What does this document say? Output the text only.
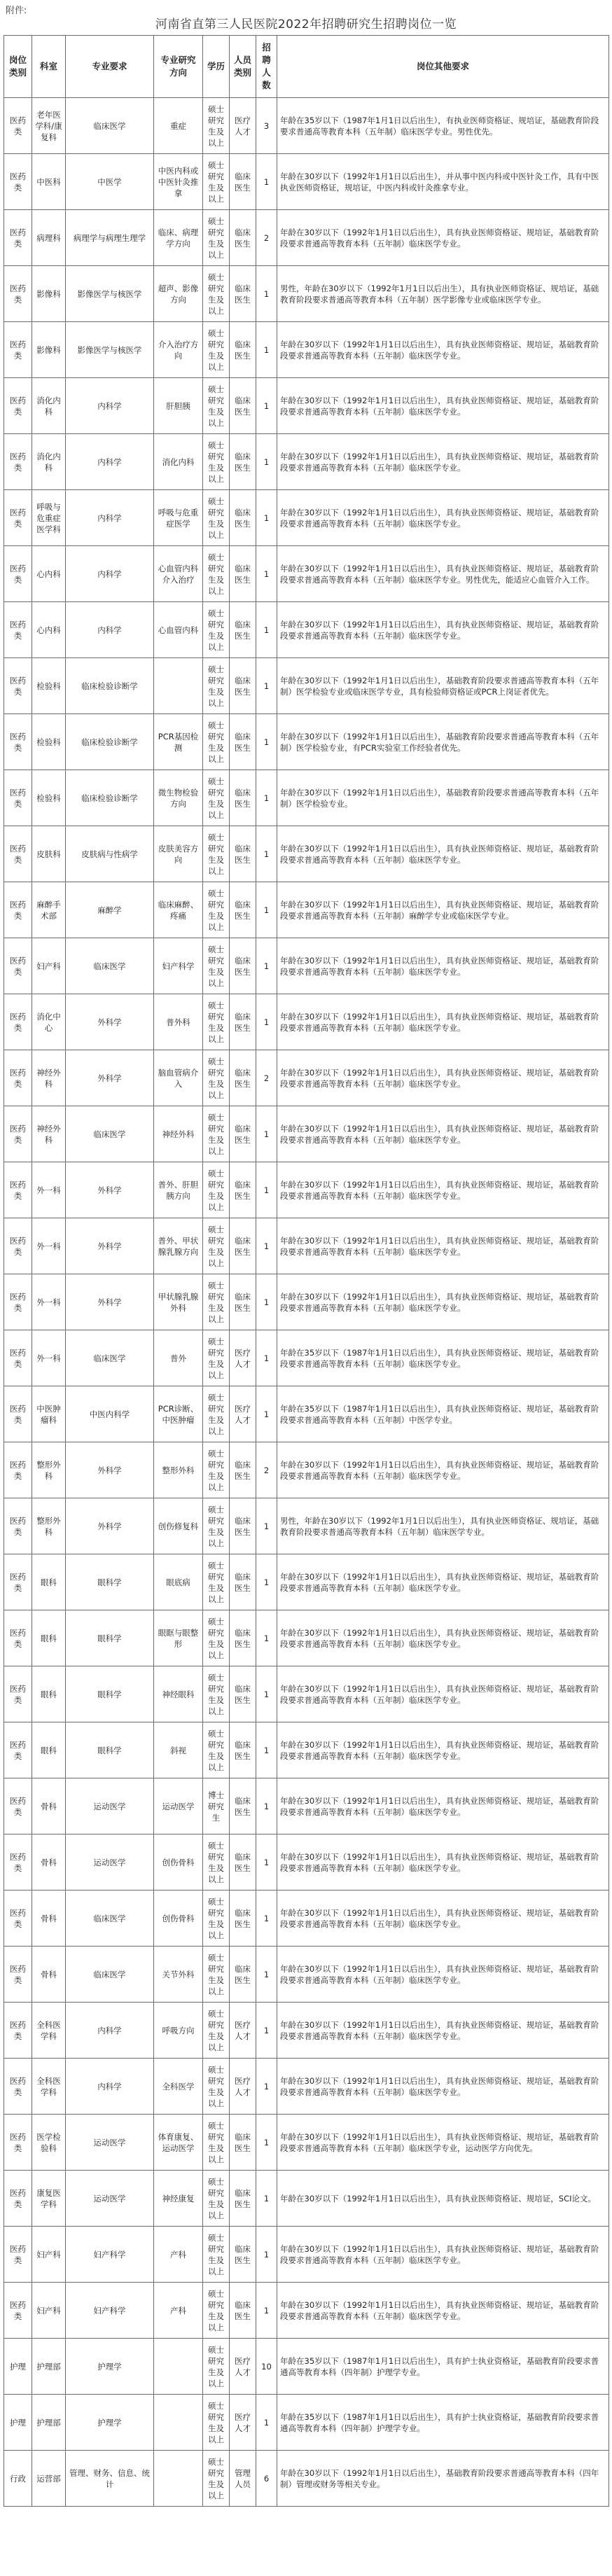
附件:
河南省直第三人民医院2022年招聘研究生招聘岗位一览
岗位类别	科室	专业要求	专业研究方向	学历	人员类别	招聘人数	岗位其他要求
医药类	老年医学科/康复科	临床医学	重症	硕士研究生及以上	医疗人才	3	年龄在35岁以下（1987年1月1日以后出生），有执业医师资格证、规培证，基础教育阶段要求普通高等教育本科（五年制）临床医学专业。男性优先。
医药类	中医科	中医学	中医内科或中医针灸推拿	硕士研究生及以上	临床医生	1	年龄在30岁以下（1992年1月1日以后出生），并从事中医内科或中医针灸工作，具有中医执业医师资格证，规培证，中医内科或针灸推拿专业。
医药类	病理科	病理学与病理生理学	临床、病理学方向	硕士研究生及以上	临床医生	2	年龄在30岁以下（1992年1月1日以后出生），具有执业医师资格证、规培证，基础教育阶段要求普通高等教育本科（五年制）临床医学专业。
医药类	影像科	影像医学与核医学	超声、影像方向	硕士研究生及以上	临床医生	1	男性，年龄在30岁以下（1992年1月1日以后出生），具有执业医师资格证、规培证，基础教育阶段要求普通高等教育本科（五年制）医学影像专业或临床医学专业。
医药类	影像科	影像医学与核医学	介入治疗方向	硕士研究生及以上	临床医生	1	年龄在30岁以下（1992年1月1日以后出生），具有执业医师资格证、规培证，基础教育阶段要求普通高等教育本科（五年制）临床医学专业。
医药类	消化内科	内科学	肝胆胰	硕士研究生及以上	临床医生	1	年龄在30岁以下（1992年1月1日以后出生），具有执业医师资格证、规培证，基础教育阶段要求普通高等教育本科（五年制）临床医学专业。
医药类	消化内科	内科学	消化内科	硕士研究生及以上	临床医生	1	年龄在30岁以下（1992年1月1日以后出生），具有执业医师资格证、规培证，基础教育阶段要求普通高等教育本科（五年制）临床医学专业。
医药类	呼吸与危重症医学科	内科学	呼吸与危重症医学	硕士研究生及以上	临床医生	1	年龄在30岁以下（1992年1月1日以后出生），具有执业医师资格证、规培证，基础教育阶段要求普通高等教育本科（五年制）临床医学专业。
医药类	心内科	内科学	心血管内科介入治疗	硕士研究生及以上	临床医生	1	年龄在30岁以下（1992年1月1日以后出生），具有执业医师资格证、规培证，基础教育阶段要求普通高等教育本科（五年制）临床医学专业。男性优先，能适应心血管介入工作。
医药类	心内科	内科学	心血管内科	硕士研究生及以上	临床医生	1	年龄在30岁以下（1992年1月1日以后出生），具有执业医师资格证、规培证，基础教育阶段要求普通高等教育本科（五年制）临床医学专业。
医药类	检验科	临床检验诊断学		硕士研究生及以上	临床医生	1	年龄在30岁以下（1992年1月1日以后出生），基础教育阶段要求普通高等教育本科（五年制）医学检验专业或临床医学专业，具有检验师资格证或PCR上岗证者优先。
医药类	检验科	临床检验诊断学	PCR基因检测	硕士研究生及以上	临床医生	1	年龄在30岁以下（1992年1月1日以后出生），基础教育阶段要求普通高等教育本科（五年制）医学检验专业，有PCR实验室工作经验者优先。
医药类	检验科	临床检验诊断学	微生物检验方向	硕士研究生及以上	临床医生	1	年龄在30岁以下（1992年1月1日以后出生），基础教育阶段要求普通高等教育本科（五年制）医学检验专业。
医药类	皮肤科	皮肤病与性病学	皮肤美容方向	硕士研究生及以上	临床医生	1	年龄在30岁以下（1992年1月1日以后出生），具有执业医师资格证、规培证，基础教育阶段要求普通高等教育本科（五年制）临床医学专业。
医药类	麻醉手术部	麻醉学	临床麻醉、疼痛	硕士研究生及以上	临床医生	1	年龄在30岁以下（1992年1月1日以后出生），具有执业医师资格证、规培证，基础教育阶段要求普通高等教育本科（五年制）麻醉学专业或临床医学专业。
医药类	妇产科	临床医学	妇产科学	硕士研究生及以上	临床医生	1	年龄在30岁以下（1992年1月1日以后出生），具有执业医师资格证、规培证，基础教育阶段要求普通高等教育本科（五年制）临床医学专业。
医药类	消化中心	外科学	普外科	硕士研究生及以上	临床医生	1	年龄在30岁以下（1992年1月1日以后出生），具有执业医师资格证、规培证，基础教育阶段要求普通高等教育本科（五年制）临床医学专业。
医药类	神经外科	外科学	脑血管病介入	硕士研究生及以上	临床医生	2	年龄在30岁以下（1992年1月1日以后出生），具有执业医师资格证、规培证，基础教育阶段要求普通高等教育本科（五年制）临床医学专业。
医药类	神经外科	临床医学	神经外科	硕士研究生及以上	临床医生	1	年龄在30岁以下（1992年1月1日以后出生），具有执业医师资格证、规培证，基础教育阶段要求普通高等教育本科（五年制）临床医学专业。
医药类	外一科	外科学	普外、肝胆胰方向	硕士研究生及以上	临床医生	1	年龄在30岁以下（1992年1月1日以后出生），具有执业医师资格证、规培证，基础教育阶段要求普通高等教育本科（五年制）临床医学专业。
医药类	外一科	外科学	普外、甲状腺乳腺方向	硕士研究生及以上	临床医生	1	年龄在30岁以下（1992年1月1日以后出生），具有执业医师资格证、规培证，基础教育阶段要求普通高等教育本科（五年制）临床医学专业。
医药类	外一科	外科学	甲状腺乳腺外科	硕士研究生及以上	临床医生	1	年龄在30岁以下（1992年1月1日以后出生），具有执业医师资格证、规培证，基础教育阶段要求普通高等教育本科（五年制）临床医学专业。
医药类	外一科	临床医学	普外	硕士研究生及以上	医疗人才	1	年龄在35岁以下（1987年1月1日以后出生），具有执业医师资格证、规培证，基础教育阶段要求普通高等教育本科（五年制）临床医学专业。
医药类	中医肿瘤科	中医内科学	PCR诊断、中医肿瘤	硕士研究生及以上	医疗人才	1	年龄在35岁以下（1987年1月1日以后出生），具有执业医师资格证、规培证，基础教育阶段要求普通高等教育本科（五年制）中医学专业。
医药类	整形外科	外科学	整形外科	硕士研究生及以上	临床医生	2	年龄在30岁以下（1992年1月1日以后出生），具有执业医师资格证、规培证，基础教育阶段要求普通高等教育本科（五年制）临床医学专业。
医药类	整形外科	外科学	创伤修复科	硕士研究生及以上	临床医生	1	男性，年龄在30岁以下（1992年1月1日以后出生），具有执业医师资格证、规培证，基础教育阶段要求普通高等教育本科（五年制）临床医学专业。
医药类	眼科	眼科学	眼底病	硕士研究生及以上	临床医生	1	年龄在30岁以下（1992年1月1日以后出生），具有执业医师资格证、规培证，基础教育阶段要求普通高等教育本科（五年制）临床医学专业。
医药类	眼科	眼科学	眼眶与眼整形	硕士研究生及以上	临床医生	1	年龄在30岁以下（1992年1月1日以后出生），具有执业医师资格证、规培证，基础教育阶段要求普通高等教育本科（五年制）临床医学专业。
医药类	眼科	眼科学	神经眼科	硕士研究生及以上	临床医生	1	年龄在30岁以下（1992年1月1日以后出生），具有执业医师资格证、规培证，基础教育阶段要求普通高等教育本科（五年制）临床医学专业。
医药类	眼科	眼科学	斜视	硕士研究生及以上	临床医生	1	年龄在30岁以下（1992年1月1日以后出生），具有执业医师资格证、规培证，基础教育阶段要求普通高等教育本科（五年制）临床医学专业。
医药类	骨科	运动医学	运动医学	博士研究生	临床医生	1	年龄在30岁以下（1992年1月1日以后出生），具有执业医师资格证、规培证，基础教育阶段要求普通高等教育本科（五年制）临床医学专业。
医药类	骨科	运动医学	创伤骨科	硕士研究生及以上	临床医生	1	年龄在30岁以下（1992年1月1日以后出生），具有执业医师资格证、规培证，基础教育阶段要求普通高等教育本科（五年制）临床医学专业。
医药类	骨科	临床医学	创伤骨科	硕士研究生及以上	临床医生	1	年龄在30岁以下（1992年1月1日以后出生），具有执业医师资格证、规培证，基础教育阶段要求普通高等教育本科（五年制）临床医学专业。
医药类	骨科	临床医学	关节外科	硕士研究生及以上	临床医生	1	年龄在30岁以下（1992年1月1日以后出生），具有执业医师资格证、规培证，基础教育阶段要求普通高等教育本科（五年制）临床医学专业。
医药类	全科医学科	内科学	呼吸方向	硕士研究生及以上	医疗人才	1	年龄在30岁以下（1992年1月1日以后出生），具有执业医师资格证、规培证，基础教育阶段要求普通高等教育本科（五年制）临床医学专业。
医药类	全科医学科	内科学	全科医学	硕士研究生及以上	医疗人才	1	年龄在30岁以下（1992年1月1日以后出生），具有执业医师资格证、规培证，基础教育阶段要求普通高等教育本科（五年制）临床医学专业。
医药类	医学检验科	运动医学	体育康复、运动医学	硕士研究生及以上	临床医生	1	年龄在30岁以下（1992年1月1日以后出生），具有执业医师资格证、规培证，基础教育阶段要求普通高等教育本科（五年制）临床医学专业，运动医学方向优先。
医药类	康复医学科	运动医学	神经康复	硕士研究生及以上	临床医生	1	年龄在30岁以下（1992年1月1日以后出生），具有执业医师资格证、规培证，SCI论文。
医药类	妇产科	妇产科学	产科	硕士研究生及以上	临床医生	1	年龄在30岁以下（1992年1月1日以后出生），具有执业医师资格证、规培证，基础教育阶段要求普通高等教育本科（五年制）临床医学专业。
医药类	妇产科	妇产科学	产科	硕士研究生及以上	临床医生	1	年龄在30岁以下（1992年1月1日以后出生），具有执业医师资格证、规培证，基础教育阶段要求普通高等教育本科（五年制）临床医学专业。
护理	护理部	护理学		硕士研究生及以上	医疗人才	10	年龄在35岁以下（1987年1月1日以后出生），具有护士执业资格证，基础教育阶段要求普通高等教育本科（四年制）护理学专业。
护理	护理部	护理学		硕士研究生及以上	医疗人才	1	年龄在35岁以下（1987年1月1日以后出生），具有护士执业资格证，基础教育阶段要求普通高等教育本科（四年制）护理学专业。
行政	运营部	管理、财务、信息、统计		硕士研究生及以上	管理人员	6	年龄在30岁以下（1992年1月1日以后出生），基础教育阶段要求普通高等教育本科（四年制）管理或财务等相关专业。
